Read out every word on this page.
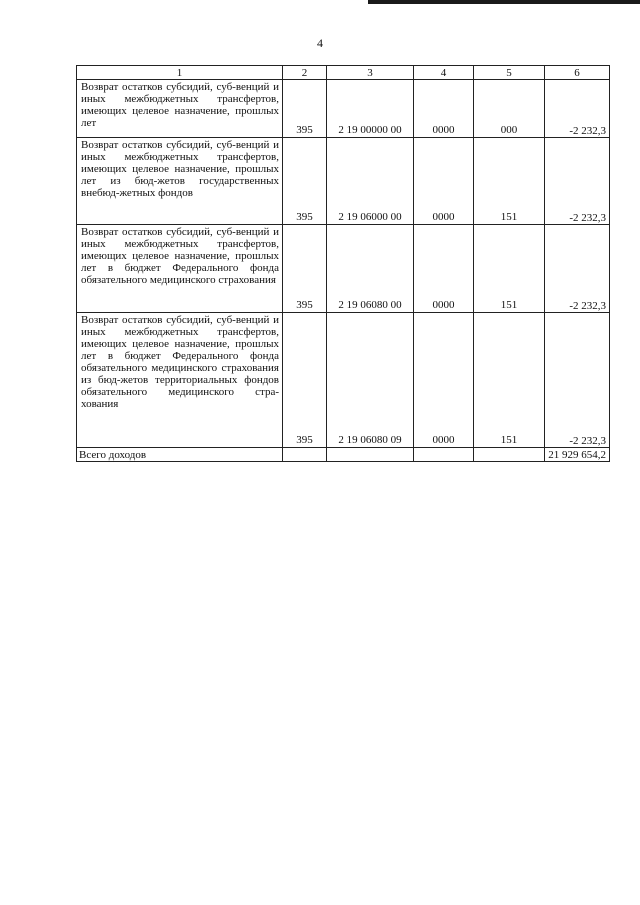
4
1	2	3	4	5	6
Возврат остатков субсидий, суб-венций и иных межбюджетных трансфертов, имеющих целевое назначение, прошлых лет	395	2 19 00000 00	0000	000	-2 232,3
Возврат остатков субсидий, суб-венций и иных межбюджетных трансфертов, имеющих целевое назначение, прошлых лет из бюд-жетов государственных внебюд-жетных фондов	395	2 19 06000 00	0000	151	-2 232,3
Возврат остатков субсидий, суб-венций и иных межбюджетных трансфертов, имеющих целевое назначение, прошлых лет в бюджет Федерального фонда обязательного медицинского страхования	395	2 19 06080 00	0000	151	-2 232,3
Возврат остатков субсидий, суб-венций и иных межбюджетных трансфертов, имеющих целевое назначение, прошлых лет в бюджет Федерального фонда обязательного медицинского страхования из бюд-жетов территориальных фондов обязательного медицинского стра-хования	395	2 19 06080 09	0000	151	-2 232,3
Всего доходов					21 929 654,2
